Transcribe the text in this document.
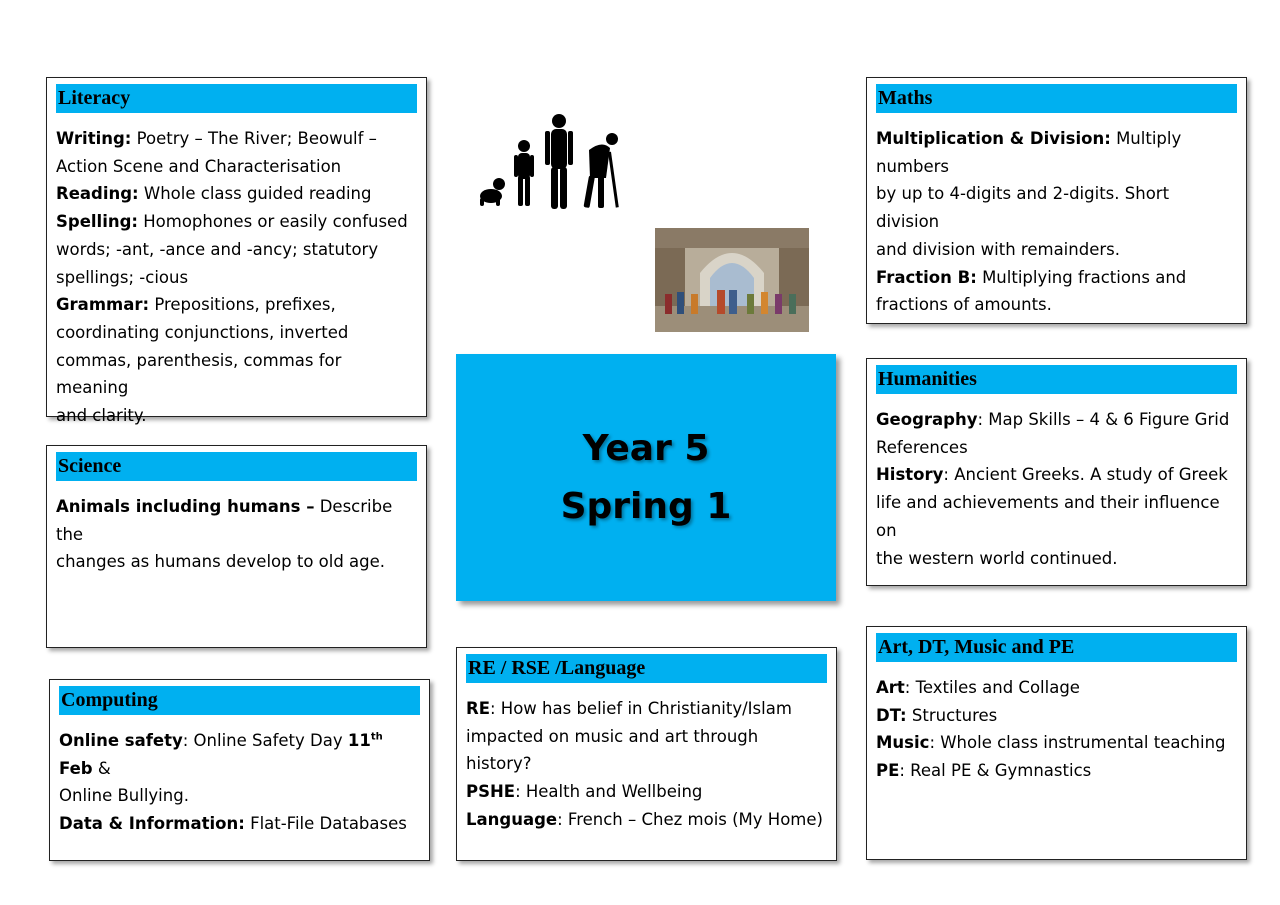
Literacy
Writing: Poetry – The River; Beowulf –
Action Scene and Characterisation
Reading: Whole class guided reading
Spelling: Homophones or easily confused
words; -ant, -ance and -ancy; statutory
spellings; -cious
Grammar: Prepositions, prefixes,
coordinating conjunctions, inverted
commas, parenthesis, commas for meaning
and clarity.
Science
Animals including humans – Describe the
changes as humans develop to old age.
Computing
Online safety: Online Safety Day 11th Feb &
Online Bullying.
Data & Information: Flat-File Databases
Year 5
Spring 1
RE / RSE /Language
RE: How has belief in Christianity/Islam
impacted on music and art through history?
PSHE: Health and Wellbeing
Language: French – Chez mois (My Home)
Maths
Multiplication & Division: Multiply numbers
by up to 4-digits and 2-digits. Short division
and division with remainders.
Fraction B: Multiplying fractions and
fractions of amounts.
Humanities
Geography: Map Skills – 4 & 6 Figure Grid
References
History: Ancient Greeks. A study of Greek
life and achievements and their influence on
the western world continued.
Art, DT, Music and PE
Art: Textiles and Collage
DT: Structures
Music: Whole class instrumental teaching
PE: Real PE & Gymnastics
